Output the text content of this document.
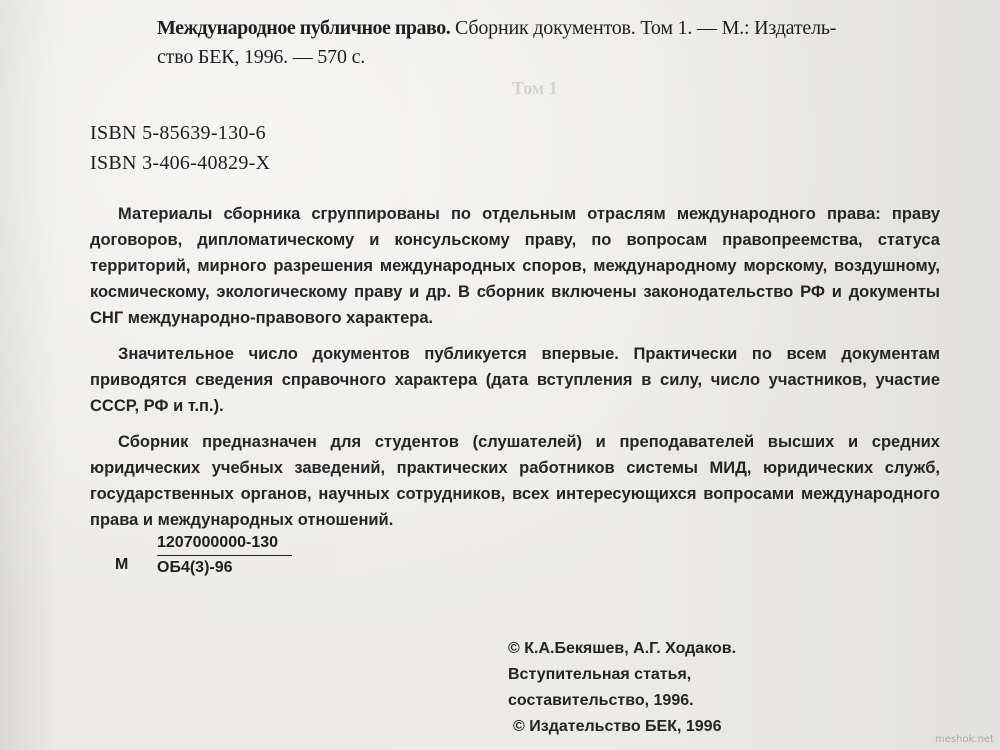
Том 1
Международное публичное право. Сборник документов. Том 1. — М.: Издатель-
ство БЕК, 1996. — 570 с.
ISBN 5-85639-130-6
ISBN 3-406-40829-X

Материалы сборника сгруппированы по отдельным отраслям международного права: праву договоров, дипломатическому и консульскому праву, по вопросам правопреемства, статуса территорий, мирного разрешения международных споров, международному морскому, воздушному, космическому, экологическому праву и др. В сборник включены законодательство РФ и документы СНГ международно-правового характера.

Значительное число документов публикуется впервые. Практически по всем документам приводятся сведения справочного характера (дата вступления в силу, число участников, участие СССР, РФ и т.п.).

Сборник предназначен для студентов (слушателей) и преподавателей высших и средних юридических учебных заведений, практических работников системы МИД, юридических служб, государственных органов, научных сотрудников, всех интересующихся вопросами международного права и международных отношений.

М
1207000000-130
ОБ4(3)-96
© К.А.Бекяшев, А.Г. Ходаков.
Вступительная статья,
составительство, 1996.
© Издательство БЕК, 1996
meshok.net
